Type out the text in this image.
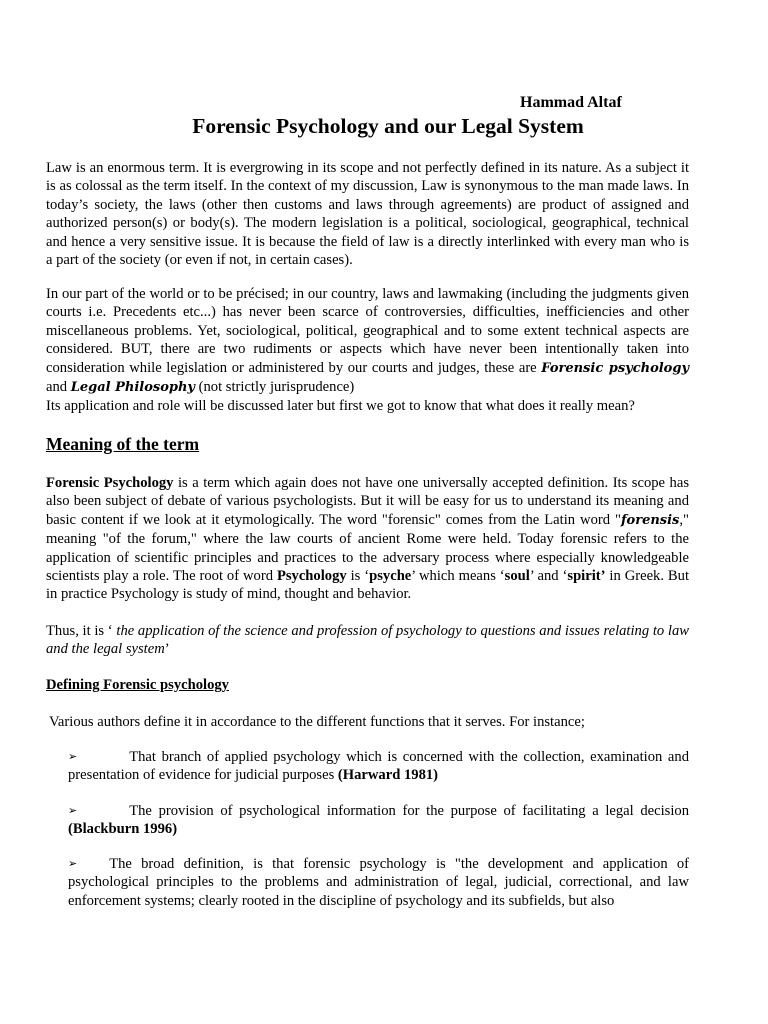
Hammad Altaf
Forensic Psychology and our Legal System
Law is an enormous term. It is evergrowing in its scope and not perfectly defined in its nature. As a subject it is as colossal as the term itself. In the context of my discussion, Law is synonymous to the man made laws. In today’s society, the laws (other then customs and laws through agreements) are product of assigned and authorized person(s) or body(s). The modern legislation is a political, sociological, geographical, technical and hence a very sensitive issue. It is because the field of law is a directly interlinked with every man who is a part of the society (or even if not, in certain cases).
In our part of the world or to be précised; in our country, laws and lawmaking (including the judgments given courts i.e. Precedents etc...) has never been scarce of controversies, difficulties, inefficiencies and other miscellaneous problems. Yet, sociological, political, geographical and to some extent technical aspects are considered. BUT, there are two rudiments or aspects which have never been intentionally taken into consideration while legislation or administered by our courts and judges, these are Forensic psychology and Legal Philosophy (not strictly jurisprudence)
Its application and role will be discussed later but first we got to know that what does it really mean?
Meaning of the term
Forensic Psychology is a term which again does not have one universally accepted definition. Its scope has also been subject of debate of various psychologists. But it will be easy for us to understand its meaning and basic content if we look at it etymologically. The word "forensic" comes from the Latin word "forensis," meaning "of the forum," where the law courts of ancient Rome were held. Today forensic refers to the application of scientific principles and practices to the adversary process where especially knowledgeable scientists play a role. The root of word Psychology is ‘psyche’ which means ‘soul’ and ‘spirit’ in Greek. But in practice Psychology is study of mind, thought and behavior.
Thus, it is ‘ the application of the science and profession of psychology to questions and issues relating to law and the legal system’
Defining Forensic psychology
Various authors define it in accordance to the different functions that it serves. For instance;
➢	That branch of applied psychology which is concerned with the collection, examination and presentation of evidence for judicial purposes (Harward 1981)
➢	The provision of psychological information for the purpose of facilitating a legal decision (Blackburn 1996)
➢ The broad definition, is that forensic psychology is "the development and application of psychological principles to the problems and administration of legal, judicial, correctional, and law enforcement systems; clearly rooted in the discipline of psychology and its subfields, but also
